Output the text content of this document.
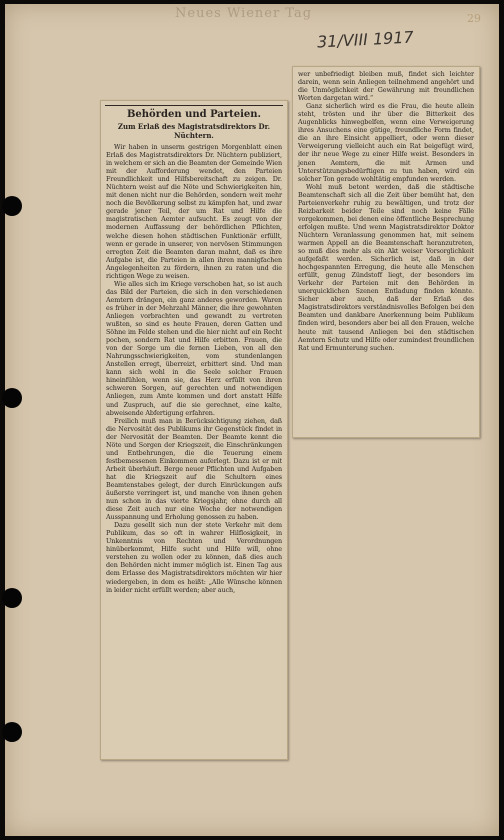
Neues Wiener Tag
31/VIII 1917
29
Behörden und Parteien.
Zum Erlaß des Magistratsdirektors Dr. Nüchtern.

Wir haben in unserm gestrigen Morgenblatt einen Erlaß des Magistratsdirektors Dr. Nüchtern publiziert, in welchem er sich an die Beamten der Gemeinde Wien mit der Aufforderung wendet, den Parteien Freundlichkeit und Hilfsbereitschaft zu zeigen. Dr. Nüchtern weist auf die Nöte und Schwierigkeiten hin, mit denen nicht nur die Behörden, sondern weit mehr noch die Bevölkerung selbst zu kämpfen hat, und zwar gerade jener Teil, der um Rat und Hilfe die magistratischen Aemter aufsucht. Es zeugt von der modernen Auffassung der behördlichen Pflichten, welche diesen hohen städtischen Funktionär erfüllt, wenn er gerade in unserer, von nervösen Stimmungen erregten Zeit die Beamten daran mahnt, daß es ihre Aufgabe ist, die Parteien in allen ihren mannigfachen Angelegenheiten zu fördern, ihnen zu raten und die richtigen Wege zu weisen.

Wie alles sich im Kriege verschoben hat, so ist auch das Bild der Parteien, die sich in den verschiedenen Aemtern drängen, ein ganz anderes geworden. Waren es früher in der Mehrzahl Männer, die ihre gewohnten Anliegen vorbrachten und gewandt zu vertreten wußten, so sind es heute Frauen, deren Gatten und Söhne im Felde stehen und die hier nicht auf ein Recht pochen, sondern Rat und Hilfe erbitten. Frauen, die von der Sorge um die fernen Lieben, von all den Nahrungsschwierigkeiten, vom stundenlangen Anstellen erregt, überreizt, erbittert sind. Und man kann sich wohl in die Seele solcher Frauen hineinfühlen, wenn sie, das Herz erfüllt von ihren schweren Sorgen, auf gerechten und notwendigen Anliegen, zum Amte kommen und dort anstatt Hilfe und Zuspruch, auf die sie gerechnet, eine kalte, abweisende Abfertigung erfahren.

Freilich muß man in Berücksichtigung ziehen, daß die Nervosität des Publikums ihr Gegenstück findet in der Nervosität der Beamten. Der Beamte kennt die Nöte und Sorgen der Kriegszeit, die Einschränkungen und Entbehrungen, die die Teuerung einem festbemessenen Einkommen auferlegt. Dazu ist er mit Arbeit überhäuft. Berge neuer Pflichten und Aufgaben hat die Kriegszeit auf die Schultern eines Beamtenstabes gelegt, der durch Einrückungen aufs äußerste verringert ist, und manche von ihnen gehen nun schon in das vierte Kriegsjahr, ohne durch all diese Zeit auch nur eine Woche der notwendigen Ausspannung und Erholung genossen zu haben.

Dazu gesellt sich nun der stete Verkehr mit dem Publikum, das so oft in wahrer Hilflosigkeit, in Unkenntnis von Rechten und Verordnungen hinüberkommt, Hilfe sucht und Hilfe will, ohne verstehen zu wollen oder zu können, daß dies auch den Behörden nicht immer möglich ist. Einen Tag aus dem Erlasse des Magistratsdirektors möchten wir hier wiedergeben, in dem es heißt: „Alle Wünsche können in leider nicht erfüllt werden; aber auch,

wer unbefriedigt bleiben muß, findet sich leichter darein, wenn sein Anliegen teilnehmend angehört und die Unmöglichkeit der Gewährung mit freundlichen Worten dargetan wird.“

Ganz sicherlich wird es die Frau, die heute allein steht, trösten und ihr über die Bitterkeit des Augenblicks hinwegbelfen, wenn eine Verweigerung ihres Ansuchens eine gütige, freundliche Form findet, die an ihre Einsicht appelliert, oder wenn dieser Verweigerung vielleicht auch ein Rat beigefügt wird, der ihr neue Wege zu einer Hilfe weist. Besonders in jenen Aemtern, die mit Armen und Unterstützungsbedürftigen zu tun haben, wird ein solcher Ton gerade wohltätig empfunden werden.

Wohl muß betont werden, daß die städtische Beamtenschaft sich all die Zeit über bemüht hat, den Parteienverkehr ruhig zu bewältigen, und trotz der Reizbarkeit beider Teile sind noch keine Fälle vorgekommen, bei denen eine öffentliche Besprechung erfolgen mußte. Und wenn Magistratsdirektor Doktor Nüchtern Veranlassung genommen hat, mit seinem warmen Appell an die Beamtenschaft heranzutreten, so muß dies mehr als ein Akt weiser Vorsorglichkeit aufgefaßt werden. Sicherlich ist, daß in der hochgespannten Erregung, die heute alle Menschen erfüllt, genug Zündstoff liegt, der besonders im Verkehr der Parteien mit den Behörden in unerquicklichen Szenen Entladung finden könnte. Sicher aber auch, daß der Erlaß des Magistratsdirektors verständnisvolles Befolgen bei den Beamten und dankbare Anerkennung beim Publikum finden wird, besonders aber bei all den Frauen, welche heute mit tausend Anliegen bei den städtischen Aemtern Schutz und Hilfe oder zumindest freundlichen Rat und Ermunterung suchen.
